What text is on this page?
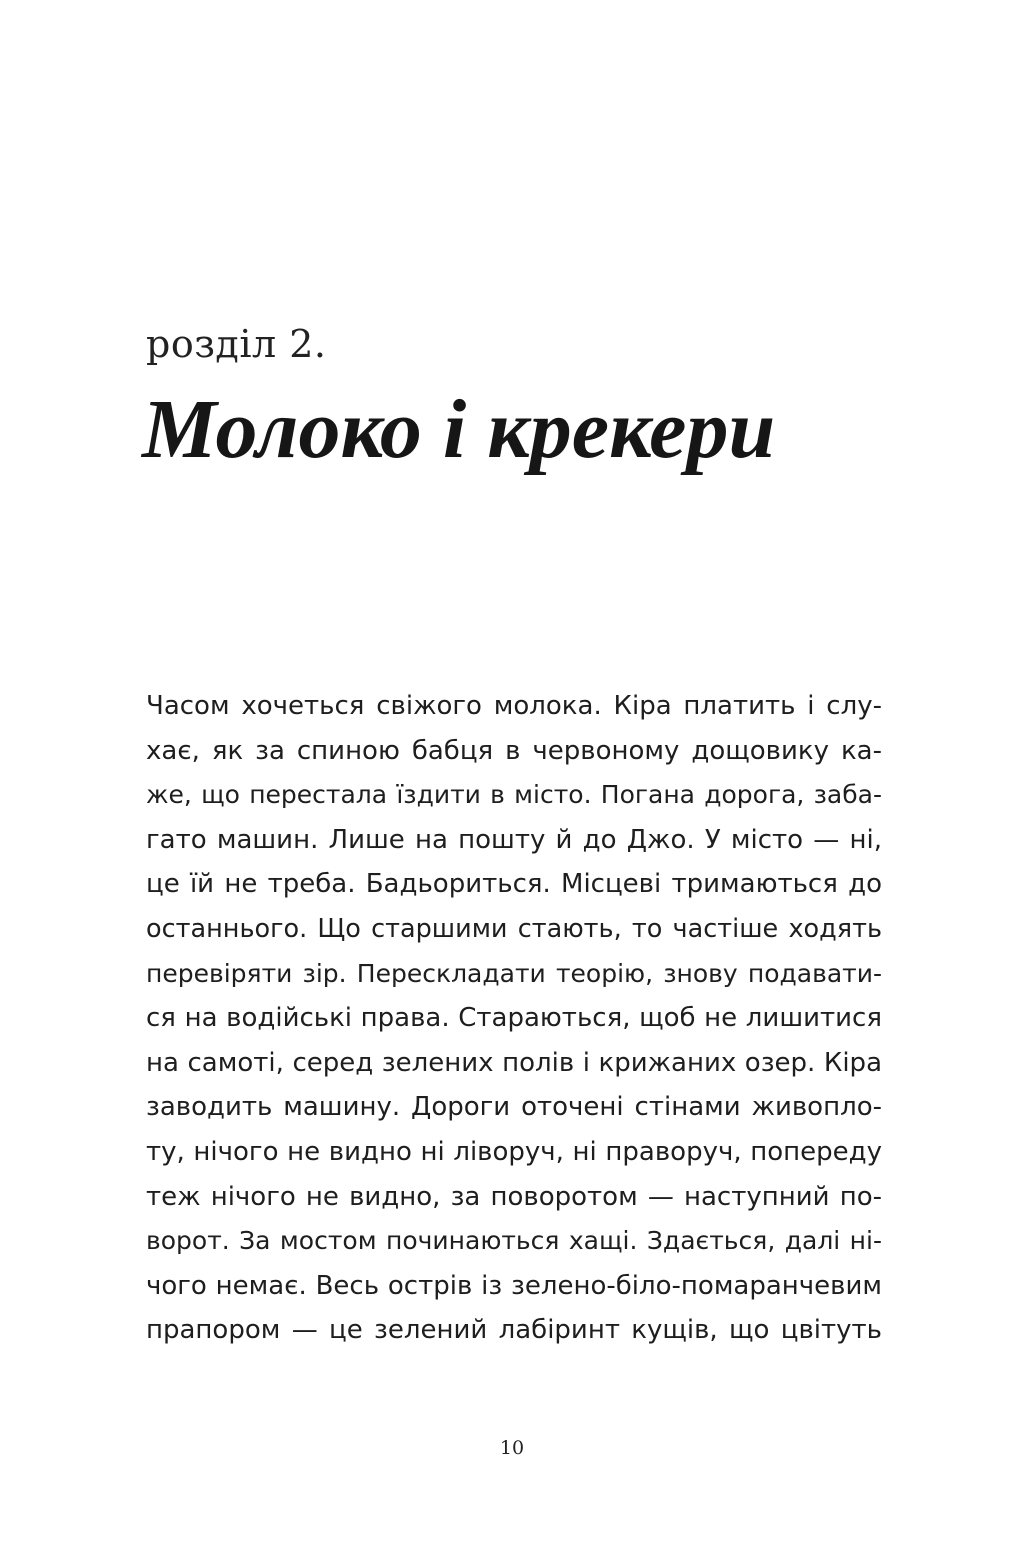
розділ 2.
Молоко і крекери
Часом хочеться свіжого молока. Кіра платить і слу-
хає, як за спиною бабця в червоному дощовику ка-
же, що перестала їздити в місто. Погана дорога, заба-
гато машин. Лише на пошту й до Джо. У місто — ні,
це їй не треба. Бадьориться. Місцеві тримаються до
останнього. Що старшими стають, то частіше ходять
перевіряти зір. Перескладати теорію, знову подавати-
ся на водійські права. Стараються, щоб не лишитися
на самоті, серед зелених полів і крижаних озер. Кіра
заводить машину. Дороги оточені стінами живопло-
ту, нічого не видно ні ліворуч, ні праворуч, попереду
теж нічого не видно, за поворотом — наступний по-
ворот. За мостом починаються хащі. Здається, далі ні-
чого немає. Весь острів із зелено-біло-помаранчевим
прапором — це зелений лабіринт кущів, що цвітуть
10
